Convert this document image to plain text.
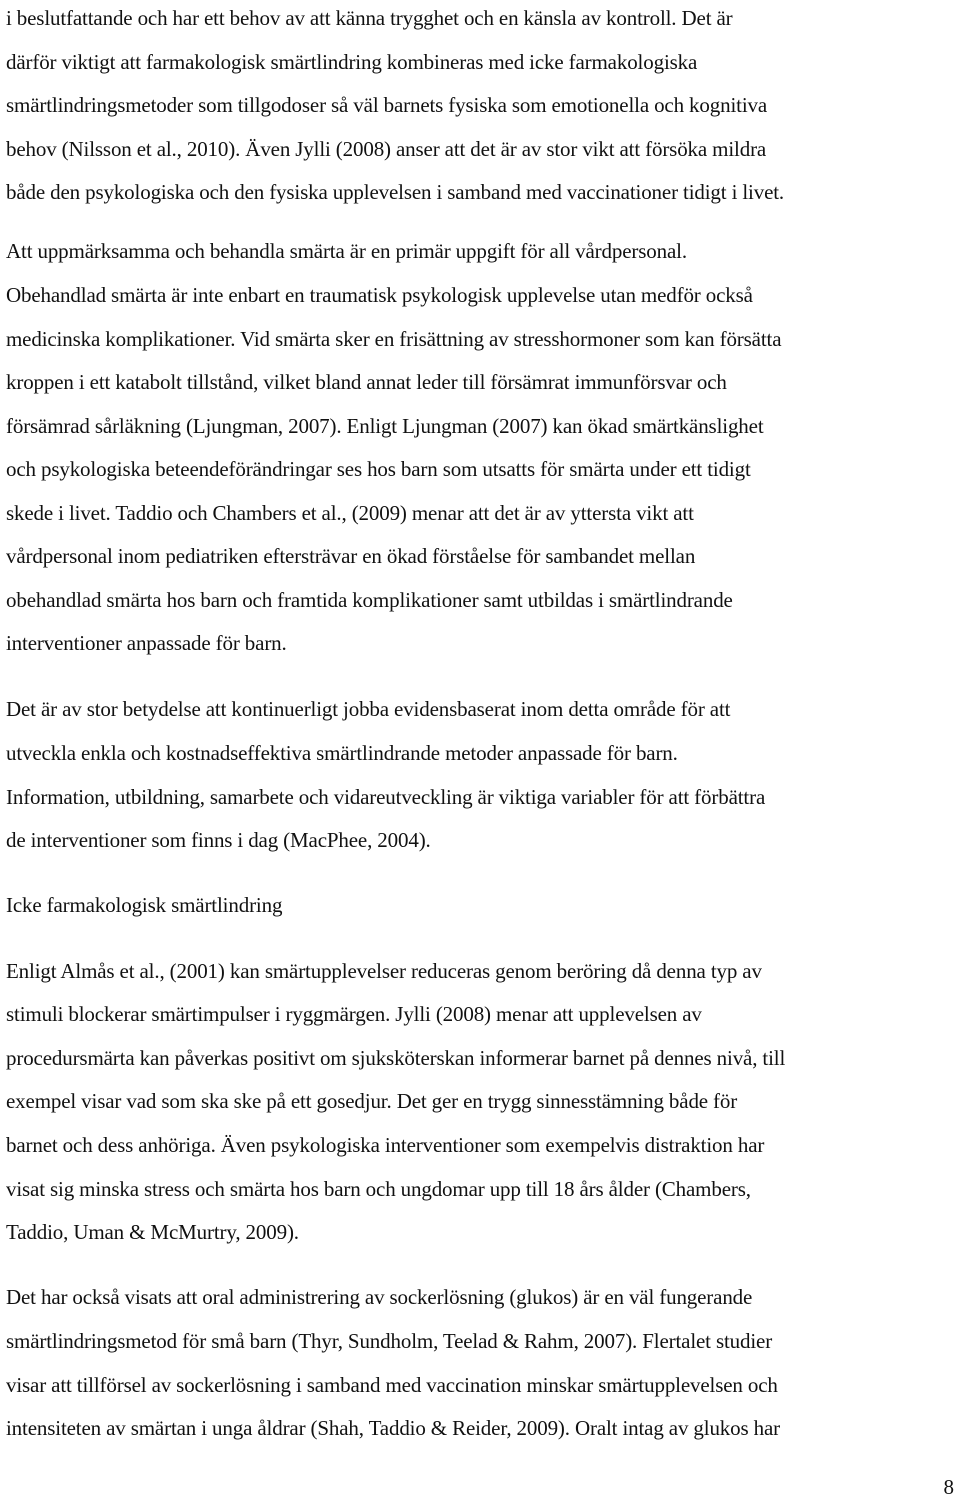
i beslutfattande och har ett behov av att känna trygghet och en känsla av kontroll. Det är
därför viktigt att farmakologisk smärtlindring kombineras med icke farmakologiska
smärtlindringsmetoder som tillgodoser så väl barnets fysiska som emotionella och kognitiva
behov (Nilsson et al., 2010). Även Jylli (2008) anser att det är av stor vikt att försöka mildra
både den psykologiska och den fysiska upplevelsen i samband med vaccinationer tidigt i livet.
Att uppmärksamma och behandla smärta är en primär uppgift för all vårdpersonal.
Obehandlad smärta är inte enbart en traumatisk psykologisk upplevelse utan medför också
medicinska komplikationer. Vid smärta sker en frisättning av stresshormoner som kan försätta
kroppen i ett katabolt tillstånd, vilket bland annat leder till försämrat immunförsvar och
försämrad sårläkning (Ljungman, 2007). Enligt Ljungman (2007) kan ökad smärtkänslighet
och psykologiska beteendeförändringar ses hos barn som utsatts för smärta under ett tidigt
skede i livet. Taddio och Chambers et al., (2009) menar att det är av yttersta vikt att
vårdpersonal inom pediatriken eftersträvar en ökad förståelse för sambandet mellan
obehandlad smärta hos barn och framtida komplikationer samt utbildas i smärtlindrande
interventioner anpassade för barn.
Det är av stor betydelse att kontinuerligt jobba evidensbaserat inom detta område för att
utveckla enkla och kostnadseffektiva smärtlindrande metoder anpassade för barn.
Information, utbildning, samarbete och vidareutveckling är viktiga variabler för att förbättra
de interventioner som finns i dag (MacPhee, 2004).
Icke farmakologisk smärtlindring
Enligt Almås et al., (2001) kan smärtupplevelser reduceras genom beröring då denna typ av
stimuli blockerar smärtimpulser i ryggmärgen. Jylli (2008) menar att upplevelsen av
procedursmärta kan påverkas positivt om sjuksköterskan informerar barnet på dennes nivå, till
exempel visar vad som ska ske på ett gosedjur. Det ger en trygg sinnesstämning både för
barnet och dess anhöriga. Även psykologiska interventioner som exempelvis distraktion har
visat sig minska stress och smärta hos barn och ungdomar upp till 18 års ålder (Chambers,
Taddio, Uman & McMurtry, 2009).
Det har också visats att oral administrering av sockerlösning (glukos) är en väl fungerande
smärtlindringsmetod för små barn (Thyr, Sundholm, Teelad & Rahm, 2007). Flertalet studier
visar att tillförsel av sockerlösning i samband med vaccination minskar smärtupplevelsen och
intensiteten av smärtan i unga åldrar (Shah, Taddio & Reider, 2009). Oralt intag av glukos har
8
